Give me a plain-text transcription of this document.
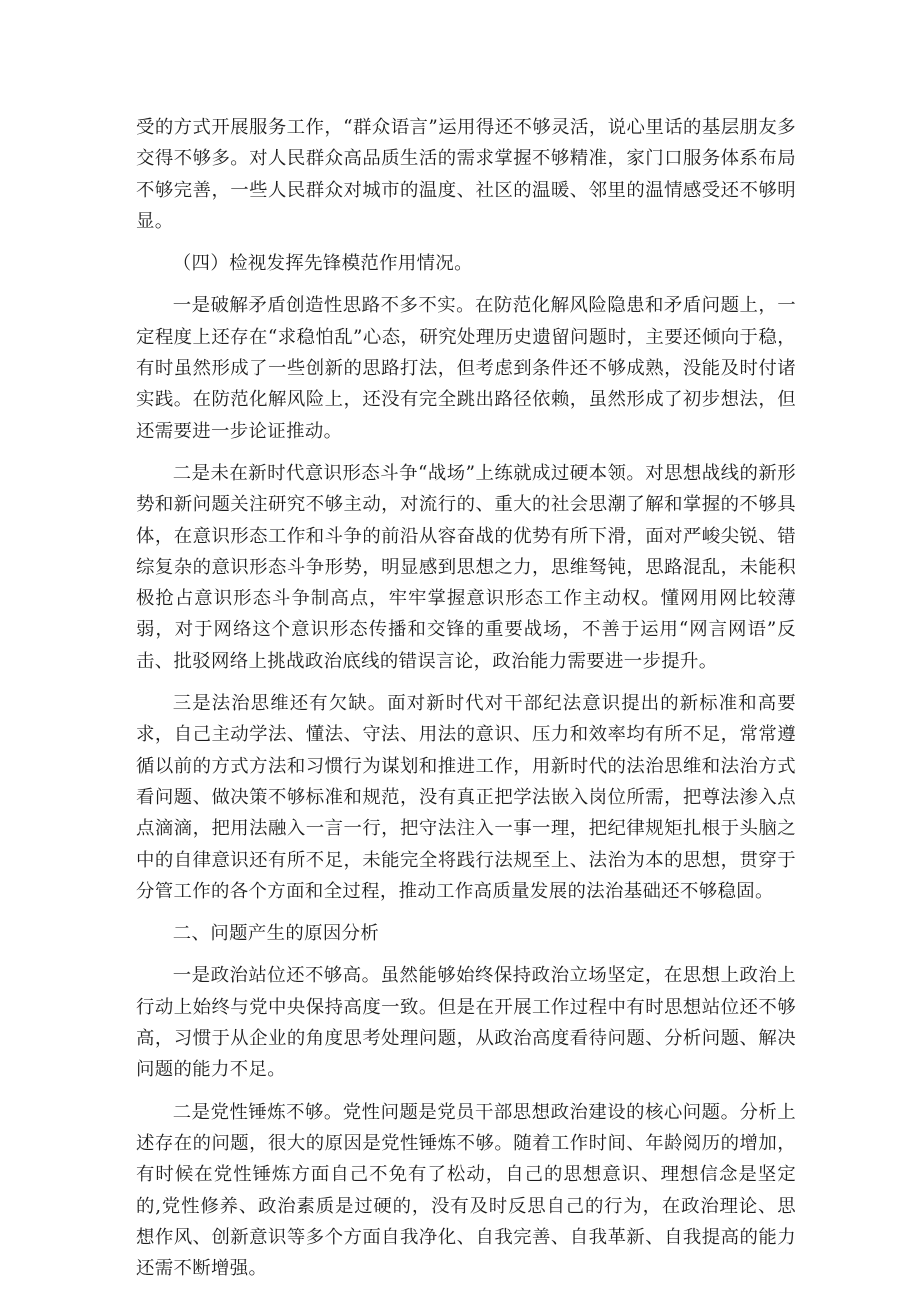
受的方式开展服务工作，“群众语言”运用得还不够灵活，说心里话的基层朋友多交得不够多。对人民群众高品质生活的需求掌握不够精准，家门口服务体系布局不够完善，一些人民群众对城市的温度、社区的温暖、邻里的温情感受还不够明显。

（四）检视发挥先锋模范作用情况。

一是破解矛盾创造性思路不多不实。在防范化解风险隐患和矛盾问题上，一定程度上还存在“求稳怕乱”心态，研究处理历史遗留问题时，主要还倾向于稳，有时虽然形成了一些创新的思路打法，但考虑到条件还不够成熟，没能及时付诸实践。在防范化解风险上，还没有完全跳出路径依赖，虽然形成了初步想法，但还需要进一步论证推动。

二是未在新时代意识形态斗争“战场”上练就成过硬本领。对思想战线的新形势和新问题关注研究不够主动，对流行的、重大的社会思潮了解和掌握的不够具体，在意识形态工作和斗争的前沿从容奋战的优势有所下滑，面对严峻尖锐、错综复杂的意识形态斗争形势，明显感到思想之力，思维驽钝，思路混乱，未能积极抢占意识形态斗争制高点，牢牢掌握意识形态工作主动权。懂网用网比较薄弱，对于网络这个意识形态传播和交锋的重要战场，不善于运用“网言网语”反击、批驳网络上挑战政治底线的错误言论，政治能力需要进一步提升。

三是法治思维还有欠缺。面对新时代对干部纪法意识提出的新标准和高要求，自己主动学法、懂法、守法、用法的意识、压力和效率均有所不足，常常遵循以前的方式方法和习惯行为谋划和推进工作，用新时代的法治思维和法治方式看问题、做决策不够标准和规范，没有真正把学法嵌入岗位所需，把尊法渗入点点滴滴，把用法融入一言一行，把守法注入一事一理，把纪律规矩扎根于头脑之中的自律意识还有所不足，未能完全将践行法规至上、法治为本的思想，贯穿于分管工作的各个方面和全过程，推动工作高质量发展的法治基础还不够稳固。

二、问题产生的原因分析

一是政治站位还不够高。虽然能够始终保持政治立场坚定，在思想上政治上行动上始终与党中央保持高度一致。但是在开展工作过程中有时思想站位还不够高，习惯于从企业的角度思考处理问题，从政治高度看待问题、分析问题、解决问题的能力不足。

二是党性锤炼不够。党性问题是党员干部思想政治建设的核心问题。分析上述存在的问题，很大的原因是党性锤炼不够。随着工作时间、年龄阅历的增加，有时候在党性锤炼方面自己不免有了松动，自己的思想意识、理想信念是坚定的,党性修养、政治素质是过硬的，没有及时反思自己的行为，在政治理论、思想作风、创新意识等多个方面自我净化、自我完善、自我革新、自我提高的能力还需不断增强。
